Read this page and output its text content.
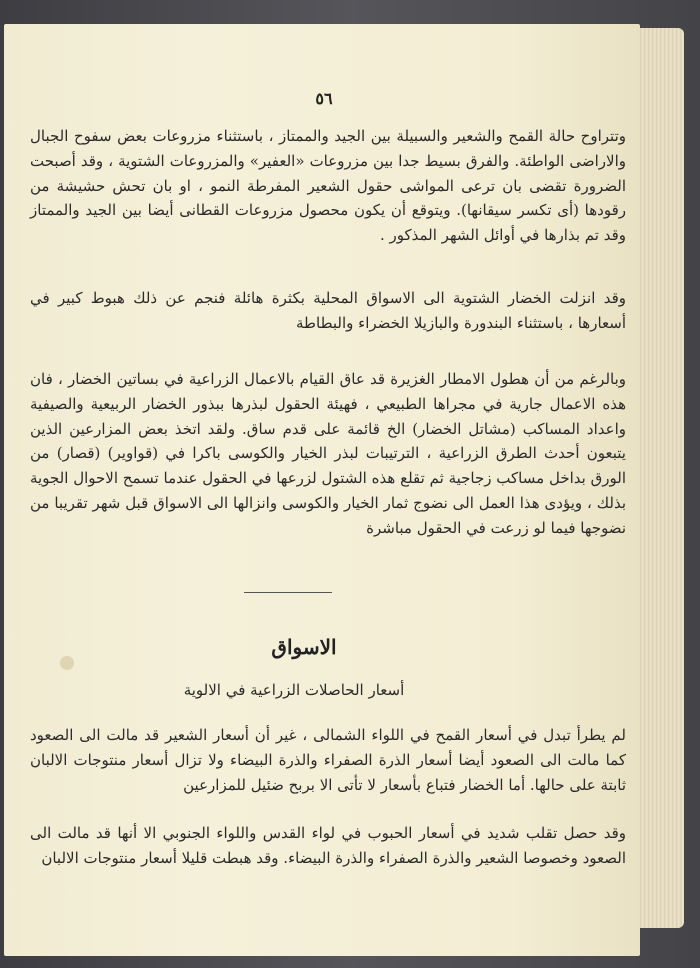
٥٦

وتتراوح حالة القمح والشعير والسبيلة بين الجيد والممتاز ، باستثناء مزروعات بعض سفوح الجبال والاراضى الواطئة. والفرق بسيط جدا بين مزروعات «العفير» والمزروعات الشتوية ، وقد أصبحت الضرورة تقضى بان ترعى المواشى حقول الشعير المفرطة النمو ، او بان تحش حشيشة من رقودها (أى تكسر سيقانها). ويتوقع أن يكون محصول مزروعات القطانى أيضا بين الجيد والممتاز وقد تم بذارها في أوائل الشهر المذكور .

وقد انزلت الخضار الشتوية الى الاسواق المحلية بكثرة هائلة فنجم عن ذلك هبوط كبير في أسعارها ، باستثناء البندورة والبازيلا الخضراء والبطاطة

وبالرغم من أن هطول الامطار الغزيرة قد عاق القيام بالاعمال الزراعية في بساتين الخضار ، فان هذه الاعمال جارية في مجراها الطبيعي ، فهيئة الحقول لبذرها ببذور الخضار الربيعية والصيفية واعداد المساكب (مشاتل الخضار) الخ قائمة على قدم ساق. ولقد اتخذ بعض المزارعين الذين يتبعون أحدث الطرق الزراعية ، الترتيبات لبذر الخيار والكوسى باكرا في (قواوير) (قصار) من الورق بداخل مساكب زجاجية ثم تقلع هذه الشتول لزرعها في الحقول عندما تسمح الاحوال الجوية بذلك ، ويؤدى هذا العمل الى نضوج ثمار الخيار والكوسى وانزالها الى الاسواق قبل شهر تقريبا من نضوجها فيما لو زرعت في الحقول مباشرة

الاسواق
أسعار الحاصلات الزراعية في الالوية

لم يطرأ تبدل في أسعار القمح في اللواء الشمالى ، غير أن أسعار الشعير قد مالت الى الصعود كما مالت الى الصعود أيضا أسعار الذرة الصفراء والذرة البيضاء ولا تزال أسعار منتوجات الالبان ثابتة على حالها. أما الخضار فتباع بأسعار لا تأتى الا بربح ضئيل للمزارعين

وقد حصل تقلب شديد في أسعار الحبوب في لواء القدس واللواء الجنوبي الا أنها قد مالت الى الصعود وخصوصا الشعير والذرة الصفراء والذرة البيضاء. وقد هبطت قليلا أسعار منتوجات الالبان
